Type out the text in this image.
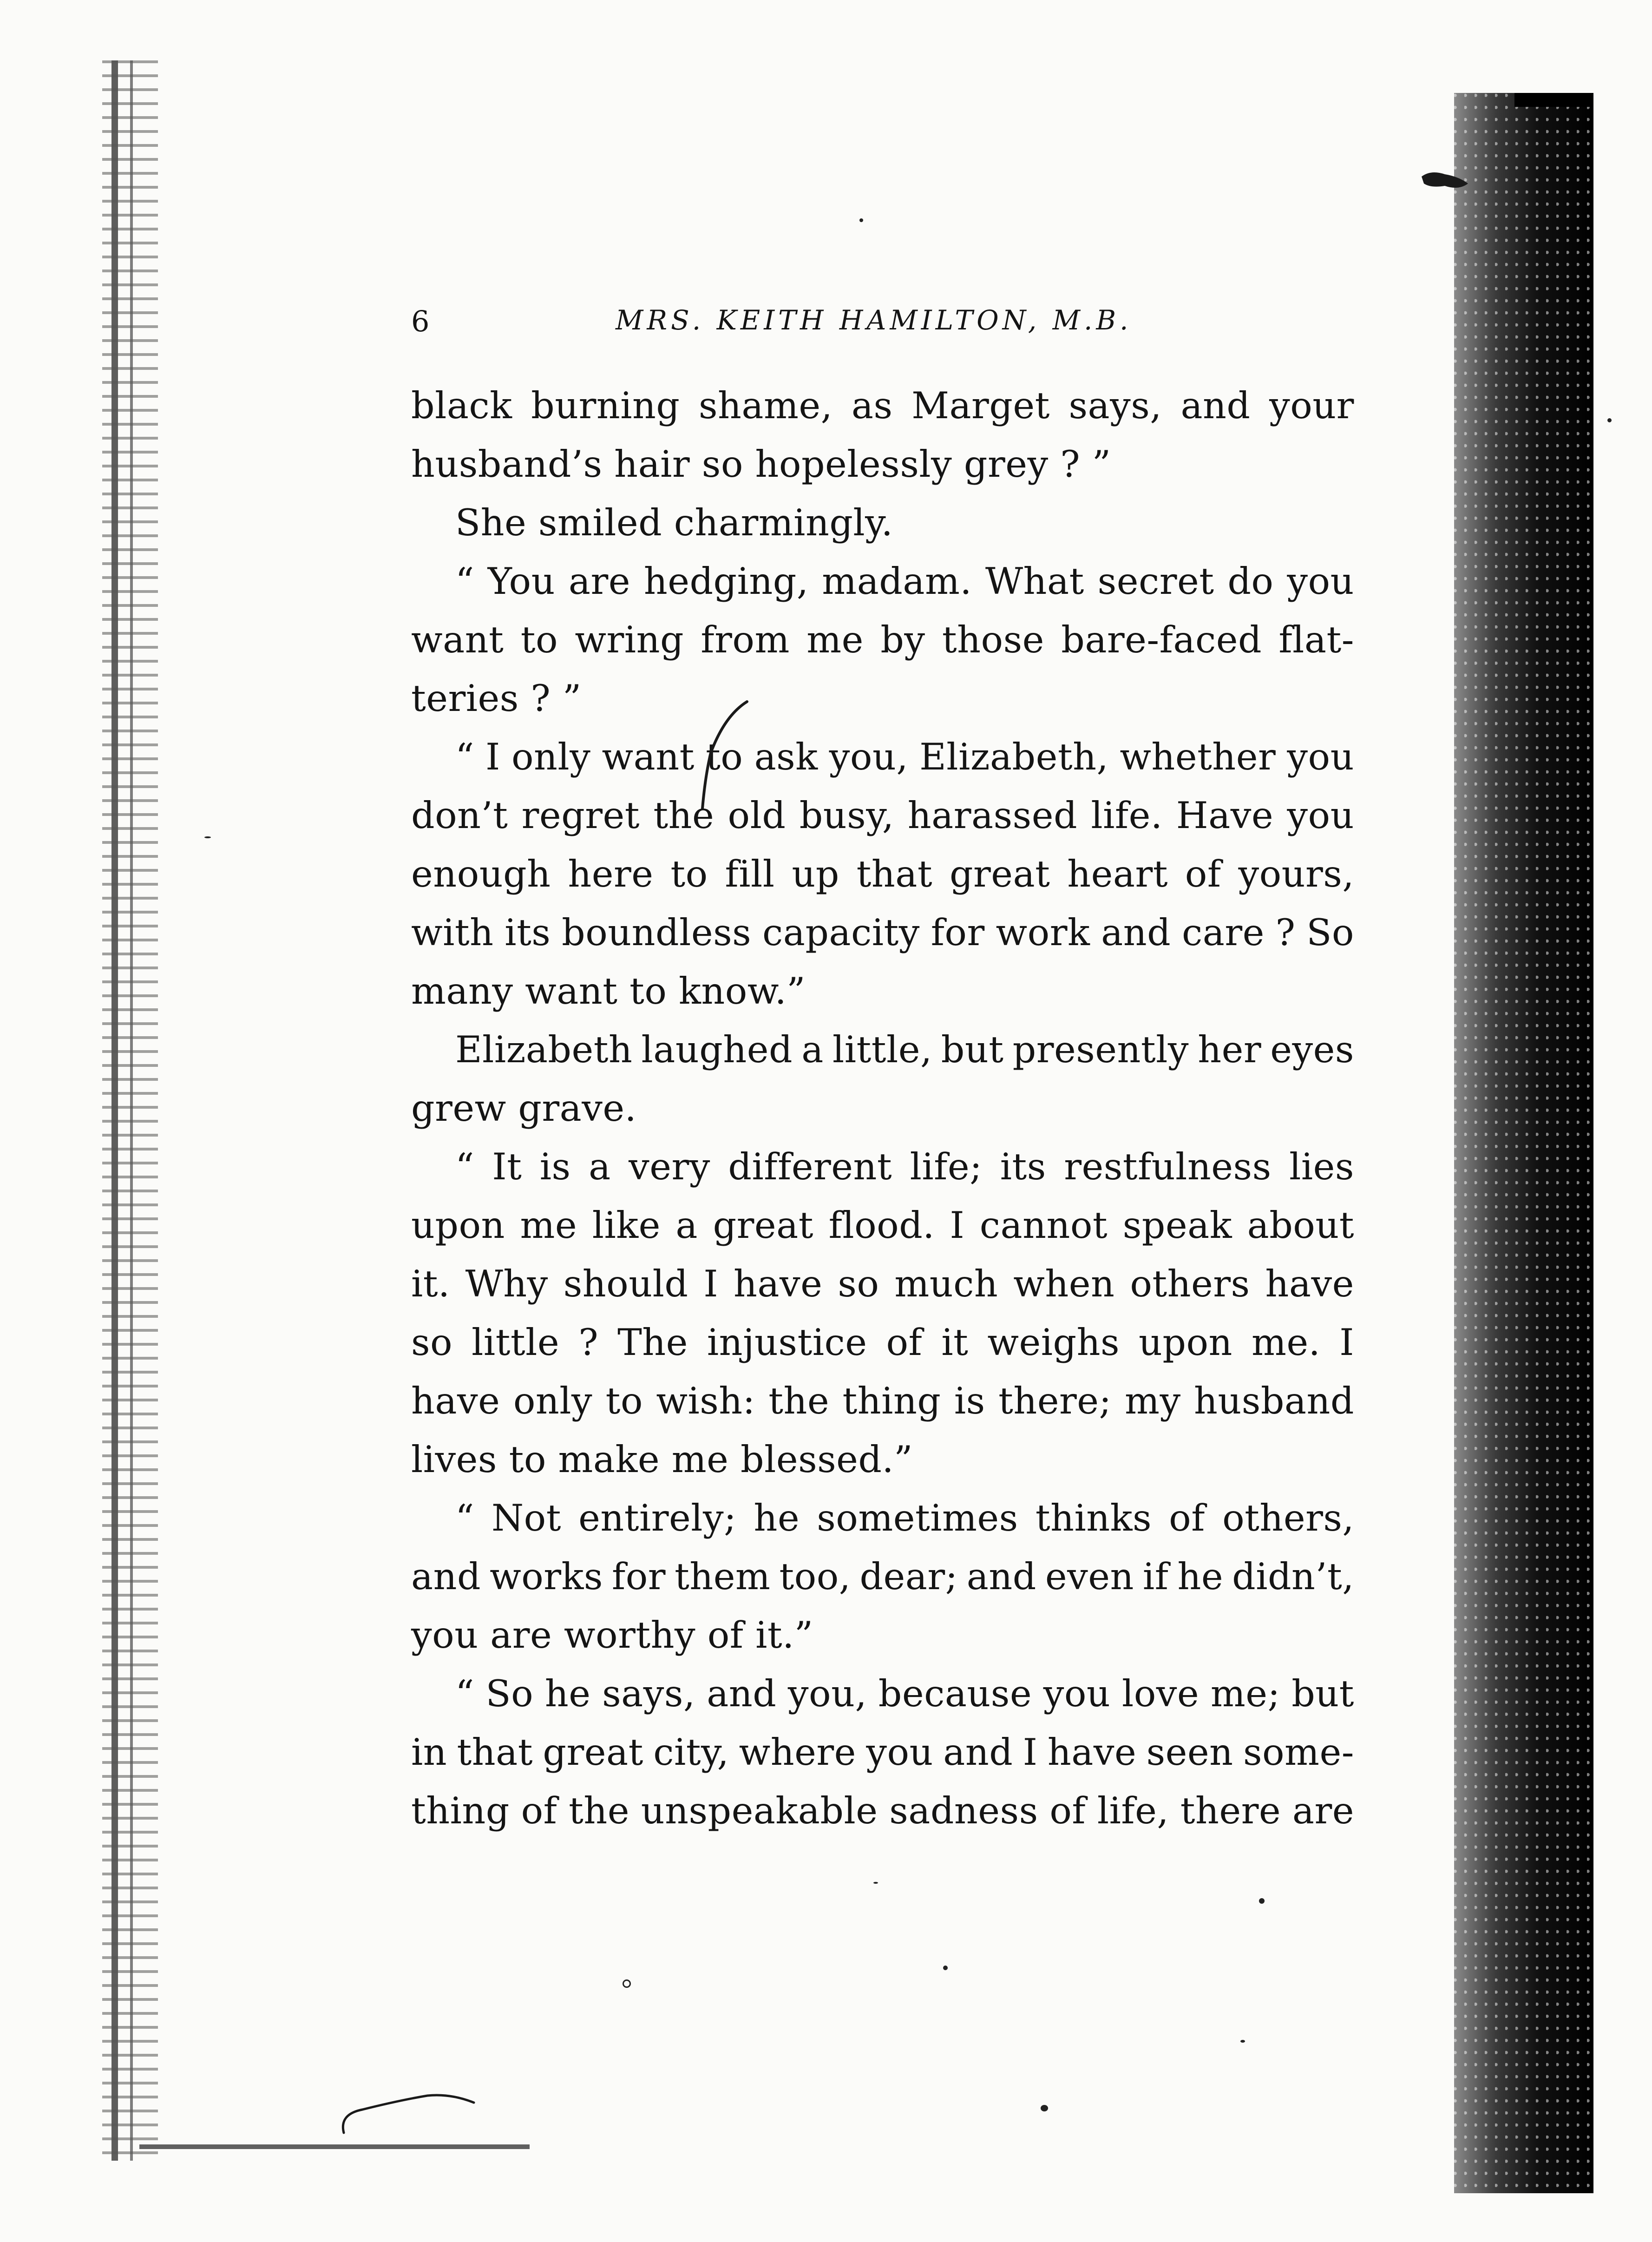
6	MRS. KEITH HAMILTON, M.B.
black burning shame, as Marget says, and your
husband’s hair so hopelessly grey ? ”
She smiled charmingly.
“ You are hedging, madam. What secret do you
want to wring from me by those bare-faced flat-
teries ? ”
“ I only want to ask you, Elizabeth, whether you
don’t regret the old busy, harassed life. Have you
enough here to fill up that great heart of yours,
with its boundless capacity for work and care ? So
many want to know.”
Elizabeth laughed a little, but presently her eyes
grew grave.
“ It is a very different life; its restfulness lies
upon me like a great flood. I cannot speak about
it. Why should I have so much when others have
so little ? The injustice of it weighs upon me. I
have only to wish: the thing is there; my husband
lives to make me blessed.”
“ Not entirely; he sometimes thinks of others,
and works for them too, dear; and even if he didn’t,
you are worthy of it.”
“ So he says, and you, because you love me; but
in that great city, where you and I have seen some-
thing of the unspeakable sadness of life, there are
